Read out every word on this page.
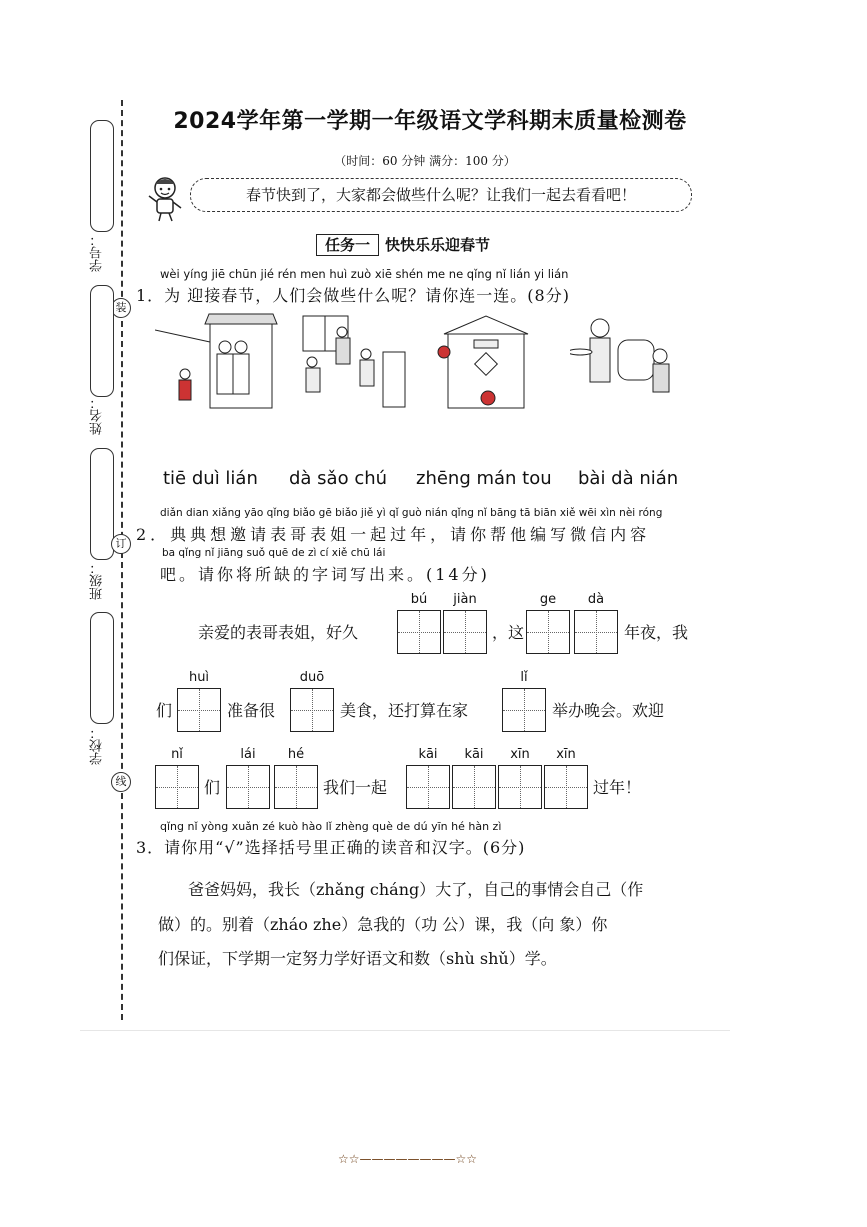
学号：
装
姓名：
订
班级：
学校：
线
2024学年第一学期一年级语文学科期末质量检测卷
（时间：60 分钟 满分：100 分）
春节快到了，大家都会做些什么呢？让我们一起去看看吧！
任务一 快快乐乐迎春节
wèi yíng jiē chūn jié rén men huì zuò xiē shén me ne qǐng nǐ lián yi lián
1．为 迎接春节，人们会做些什么呢？请你连一连。(8分)
tiē duì lián dà sǎo chú zhēng mán tou bài dà nián
diǎn dian xiǎng yāo qǐng biǎo gē biǎo jiě yì qǐ guò nián qǐng nǐ bāng tā biān xiě wēi xìn nèi róng
2．典典想邀请表哥表姐一起过年，请你帮他编写微信内容
ba qǐng nǐ jiāng suǒ quē de zì cí xiě chū lái
吧。请你将所缺的字词写出来。(14分)
亲爱的表哥表姐，好久
bú	jiàn
，这
ge	dà
年夜，我
们
huì
准备很
duō
美食，还打算在家
lǐ
举办晚会。欢迎
nǐ
们
lái	hé
我们一起
kāi	kāi	xīn	xīn
过年！
qǐng nǐ yòng xuǎn zé kuò hào lǐ zhèng què de dú yīn hé hàn zì
3．请你用“√”选择括号里正确的读音和汉字。(6分)
爸爸妈妈，我长（zhǎng cháng）大了，自己的事情会自己（作
做）的。别着（zháo zhe）急我的（功 公）课，我（向 象）你
们保证，下学期一定努力学好语文和数（shù shǔ）学。
☆☆————————☆☆
